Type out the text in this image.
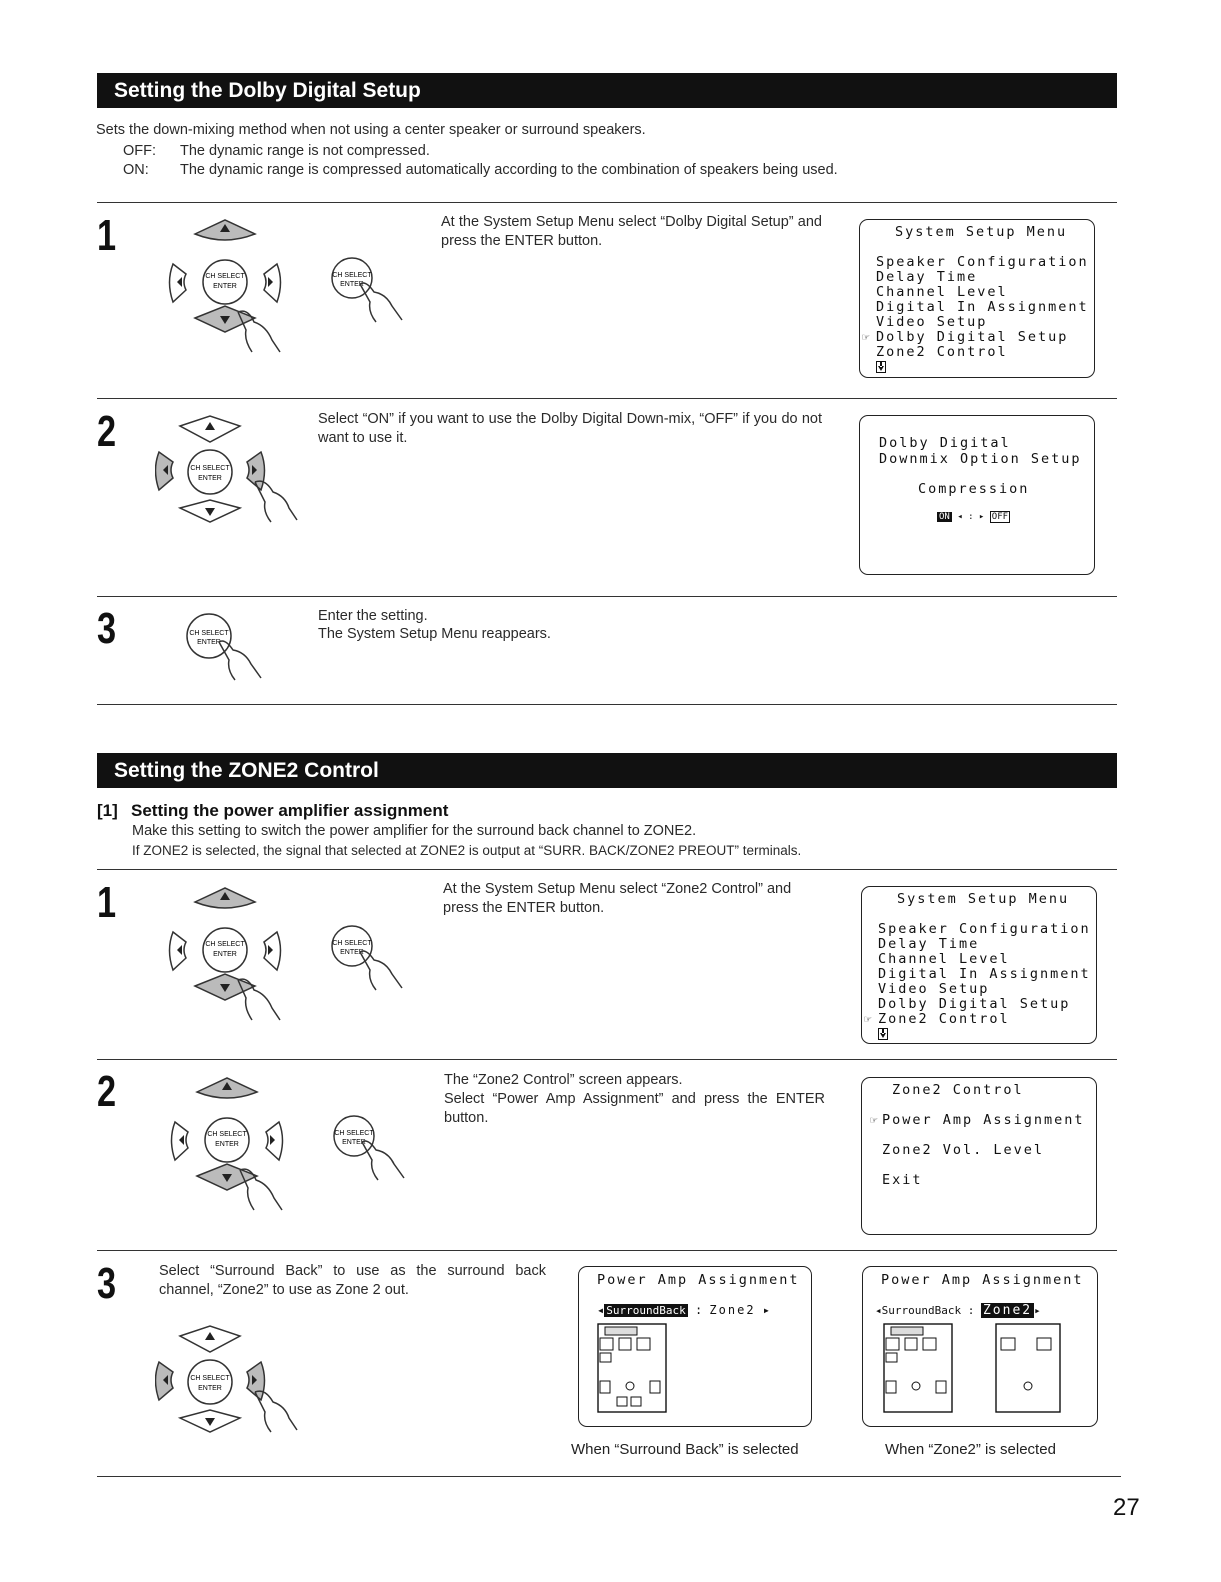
Setting the Dolby Digital Setup
Sets the down-mixing method when not using a center speaker or surround speakers.
OFF: The dynamic range is not compressed.
ON: The dynamic range is compressed automatically according to the combination of speakers being used.
1
CH SELECT
ENTER
CH SELECT
ENTER
At the System Setup Menu select “Dolby Digital Setup” and press the ENTER button.
System Setup Menu
Speaker Configuration
Delay Time
Channel Level
Digital In Assignment
Video Setup
☞ Dolby Digital Setup
Zone2 Control
2
CH SELECT
ENTER
Select “ON” if you want to use the Dolby Digital Down-mix, “OFF” if you do not want to use it.	Dolby Digital
Downmix Option Setup
Compression
ON ◂ : ▸ OFF
3	CH SELECT
ENTER
Enter the setting.
The System Setup Menu reappears.
Setting the ZONE2 Control
[1] Setting the power amplifier assignment
Make this setting to switch the power amplifier for the surround back channel to ZONE2.
If ZONE2 is selected, the signal that selected at ZONE2 is output at “SURR. BACK/ZONE2 PREOUT” terminals.
1
CH SELECT
ENTER
CH SELECT
ENTER
At the System Setup Menu select “Zone2 Control” and press the ENTER button.
System Setup Menu
Speaker Configuration
Delay Time
Channel Level
Digital In Assignment
Video Setup
Dolby Digital Setup
☞ Zone2 Control
2
CH SELECT
ENTER
CH SELECT
ENTER
The “Zone2 Control” screen appears.
Select “Power Amp Assignment” and press the ENTER button.
Zone2 Control
☞ Power Amp Assignment
Zone2 Vol. Level
Exit
3	Select “Surround Back” to use as the surround back channel, “Zone2” to use as Zone 2 out.
CH SELECT
ENTER
Power Amp Assignment
◂ SurroundBack : Zone2 ▸
When “Surround Back” is selected
Power Amp Assignment
◂SurroundBack : Zone2 ▸
When “Zone2” is selected
27
